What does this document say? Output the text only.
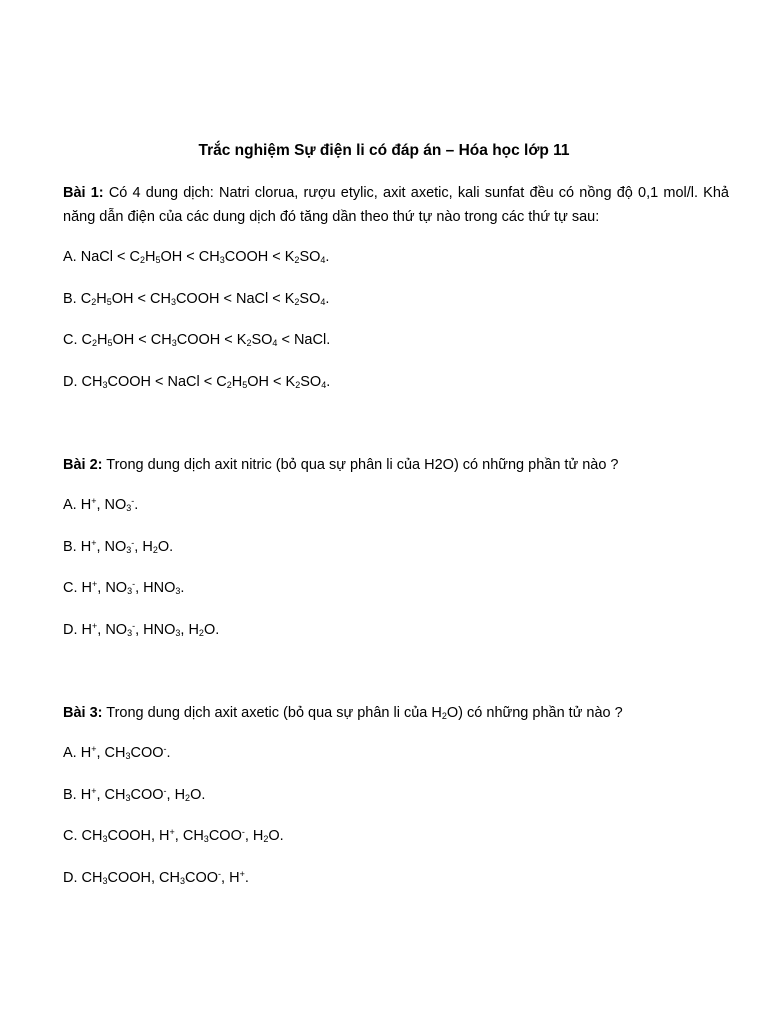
Trắc nghiệm Sự điện li có đáp án – Hóa học lớp 11
Bài 1: Có 4 dung dịch: Natri clorua, rượu etylic, axit axetic, kali sunfat đều có nồng độ 0,1 mol/l. Khả năng dẫn điện của các dung dịch đó tăng dần theo thứ tự nào trong các thứ tự sau:
A. NaCl < C2H5OH < CH3COOH < K2SO4.
B. C2H5OH < CH3COOH < NaCl < K2SO4.
C. C2H5OH < CH3COOH < K2SO4 < NaCl.
D. CH3COOH < NaCl < C2H5OH < K2SO4.
Bài 2: Trong dung dịch axit nitric (bỏ qua sự phân li của H2O) có những phần tử nào ?
A. H+, NO3-.
B. H+, NO3-, H2O.
C. H+, NO3-, HNO3.
D. H+, NO3-, HNO3, H2O.
Bài 3: Trong dung dịch axit axetic (bỏ qua sự phân li của H2O) có những phần tử nào ?
A. H+, CH3COO-.
B. H+, CH3COO-, H2O.
C. CH3COOH, H+, CH3COO-, H2O.
D. CH3COOH, CH3COO-, H+.
